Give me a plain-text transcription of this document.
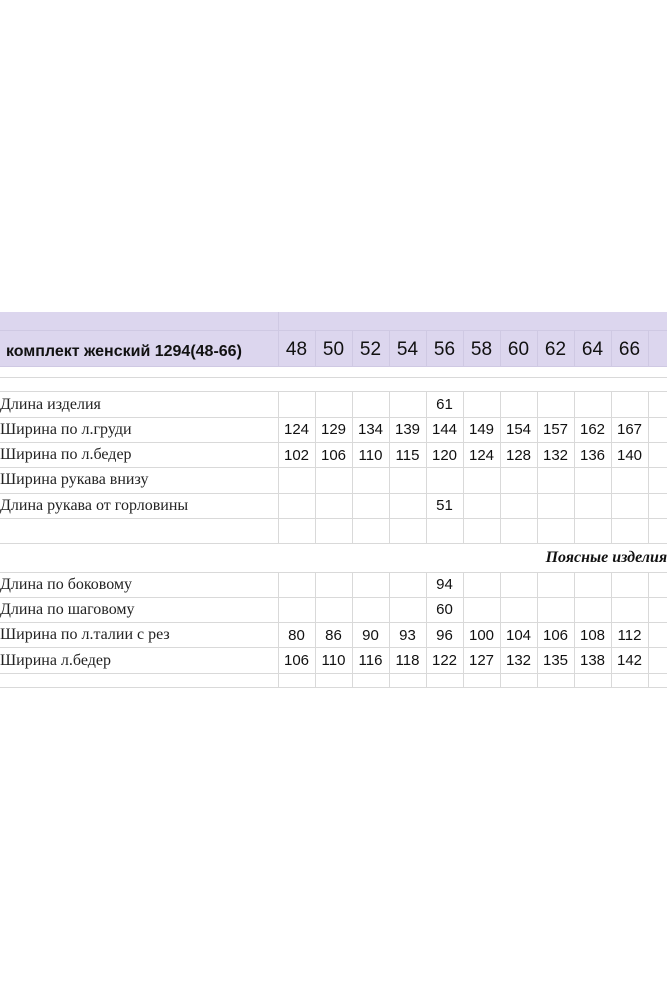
комплект женский 1294(48-66)	48	50	52	54	56	58	60	62	64	66	

Длина изделия					61						
Ширина по л.груди	124	129	134	139	144	149	154	157	162	167	
Ширина по л.бедер	102	106	110	115	120	124	128	132	136	140	
Ширина рукава внизу											
Длина рукава от горловины					51						

Поясные изделия											
Длина по боковому					94						
Длина по шаговому					60						
Ширина по л.талии с рез	80	86	90	93	96	100	104	106	108	112	
Ширина л.бедер	106	110	116	118	122	127	132	135	138	142	
